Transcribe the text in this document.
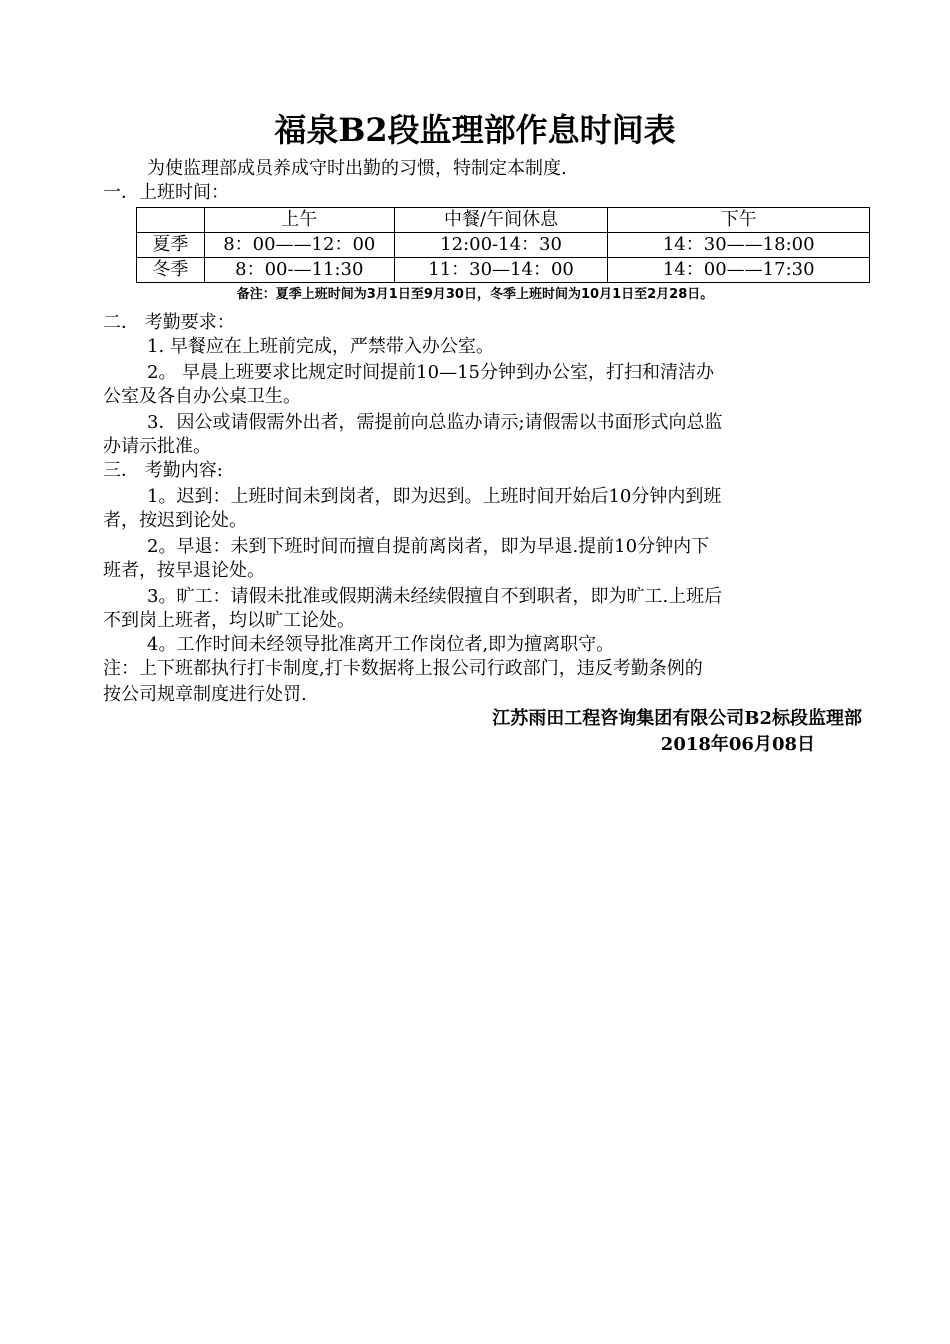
福泉B2段监理部作息时间表
为使监理部成员养成守时出勤的习惯，特制定本制度.
一．上班时间：
	上午	中餐/午间休息	下午
夏季	8：00——12：00	12:00-14：30	14：30——18:00
冬季	8：00-—11:30	11：30—14：00	14：00——17:30
备注：夏季上班时间为3月1日至9月30日，冬季上班时间为10月1日至2月28日。
二． 考勤要求：
1. 早餐应在上班前完成，严禁带入办公室。
2。 早晨上班要求比规定时间提前10—15分钟到办公室，打扫和清洁办
公室及各自办公桌卫生。
3．因公或请假需外出者，需提前向总监办请示;请假需以书面形式向总监
办请示批准。
三． 考勤内容:
1。迟到：上班时间未到岗者，即为迟到。上班时间开始后10分钟内到班
者，按迟到论处。
2。早退：未到下班时间而擅自提前离岗者，即为早退.提前10分钟内下
班者，按早退论处。
3。旷工：请假未批准或假期满未经续假擅自不到职者，即为旷工.上班后
不到岗上班者，均以旷工论处。
4。工作时间未经领导批准离开工作岗位者,即为擅离职守。
注：上下班都执行打卡制度,打卡数据将上报公司行政部门，违反考勤条例的
按公司规章制度进行处罚.
江苏雨田工程咨询集团有限公司B2标段监理部
2018年06月08日
